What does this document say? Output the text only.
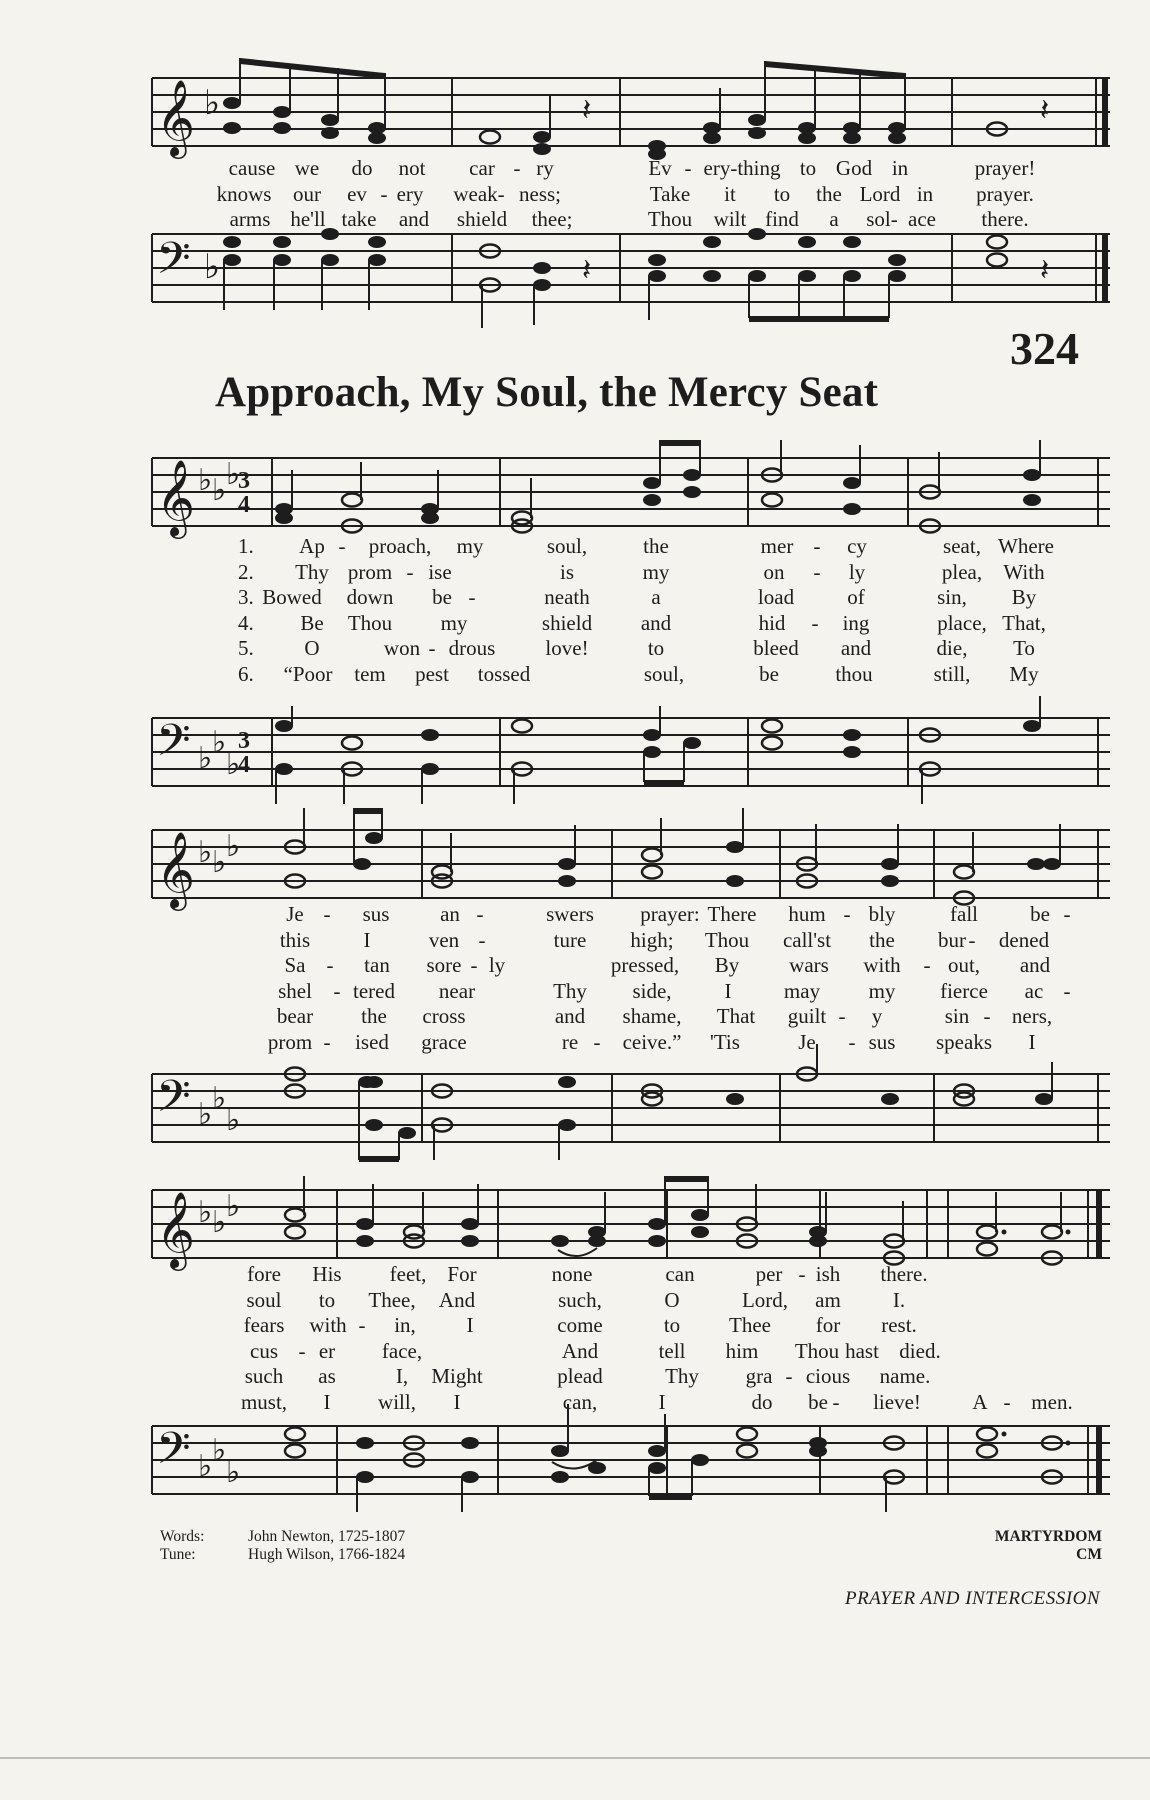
𝄞 ♭	𝄽	𝄽
cause we do not car - ry	Ev - ery-thing to God in	prayer!
knows our ev - ery weak- ness;	Take it to the Lord in prayer.
arms he'll take and shield thee;	Thou wilt find a sol- ace there.
𝄢 ♭	𝄽	𝄽
324
Approach, My Soul, the Mercy Seat
𝄞 ♭ ♭ ♭
3
4
1. Ap - proach, my	soul,	the	mer - cy	seat, Where
2. Thy prom - ise	is	my	on - ly	plea, With
3. Bowed down be -	neath	a	load	of	sin, By
4. Be Thou my	shield and	hid - ing	place, That,
5. O	won - drous love!	to	bleed and	die, To
6. “Poor tem pest tossed	soul,	be	thou	still, My
𝄢 ♭ ♭
♭
3
4
𝄞 ♭ ♭ ♭
Je - sus an -	swers prayer: There hum - bly	fall be -
this	I	ven -	ture high; Thou call'st the bur - dened
Sa - tan sore - ly	pressed, By wars with - out, and
shel - tered near	Thy side,	I may my fierce ac -
bear the cross	and shame, That guilt - y	sin - ners,
prom - ised grace	re - ceive.” 'Tis	Je - sus speaks I
𝄢 ♭ ♭
♭
𝄞 ♭ ♭ ♭
fore His feet, For	none	can	per - ish there.
soul to Thee, And	such,	O	Lord, am I.
fears with - in, I	come	to Thee for rest.
cus - er face,	And	tell him Thou hast died.
such as	I, Might	plead	Thy gra - cious name.
must, I will, I	can,	I	do be - lieve! A - men.
𝄢 ♭ ♭
♭
Words:	John Newton, 1725-1807
Tune:	Hugh Wilson, 1766-1824
MARTYRDOM
CM
PRAYER AND INTERCESSION
